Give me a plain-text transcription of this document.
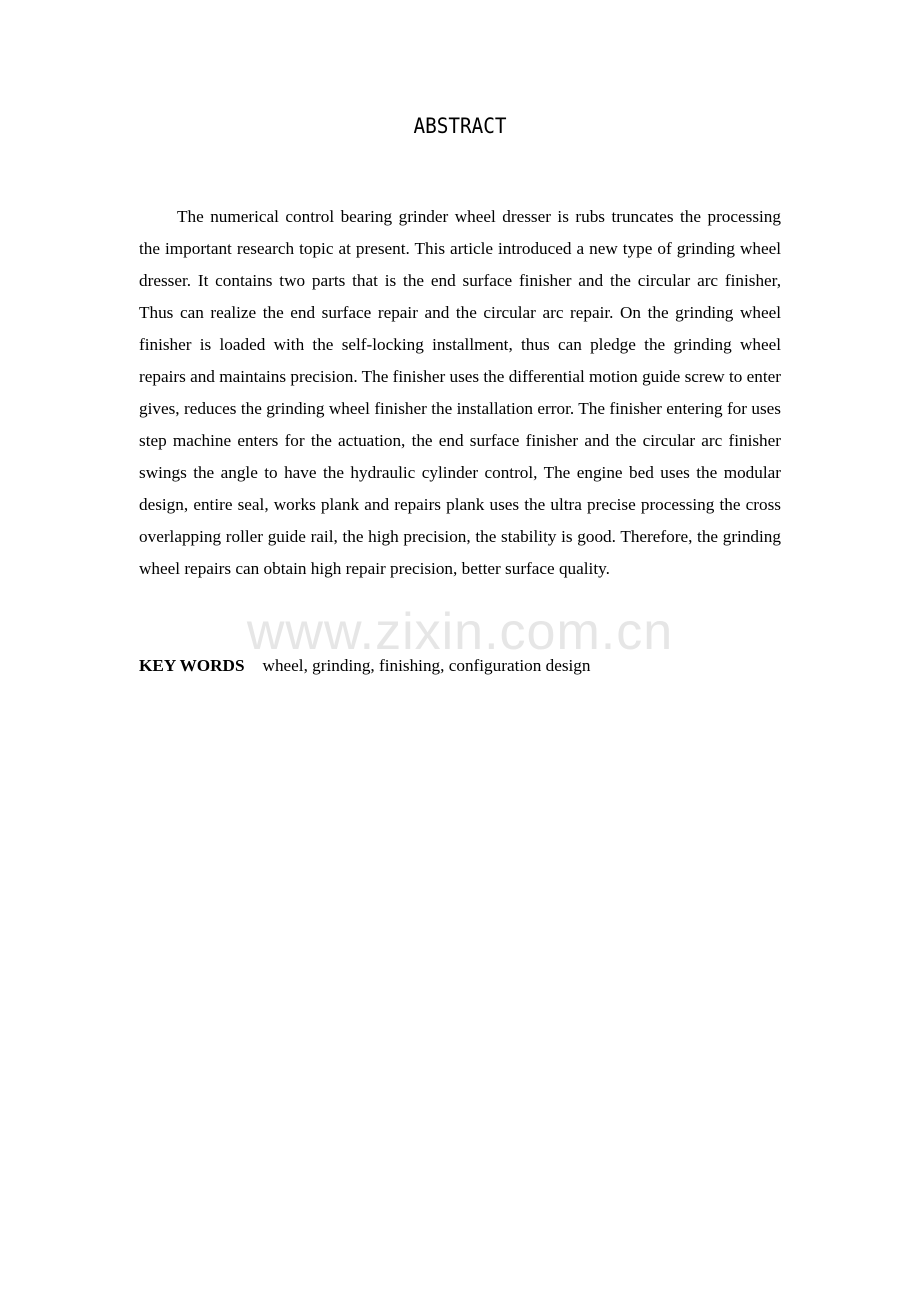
ABSTRACT

The numerical control bearing grinder wheel dresser is rubs truncates the processing the important research topic at present. This article introduced a new type of grinding wheel dresser. It contains two parts that is the end surface finisher and the circular arc finisher, Thus can realize the end surface repair and the circular arc repair. On the grinding wheel finisher is loaded with the self-locking installment, thus can pledge the grinding wheel repairs and maintains precision. The finisher uses the differential motion guide screw to enter gives, reduces the grinding wheel finisher the installation error. The finisher entering for uses step machine enters for the actuation, the end surface finisher and the circular arc finisher swings the angle to have the hydraulic cylinder control, The engine bed uses the modular design, entire seal, works plank and repairs plank uses the ultra precise processing the cross overlapping roller guide rail, the high precision, the stability is good. Therefore, the grinding wheel repairs can obtain high repair precision, better surface quality.

www.zixin.com.cn

KEY WORDS wheel, grinding, finishing, configuration design
